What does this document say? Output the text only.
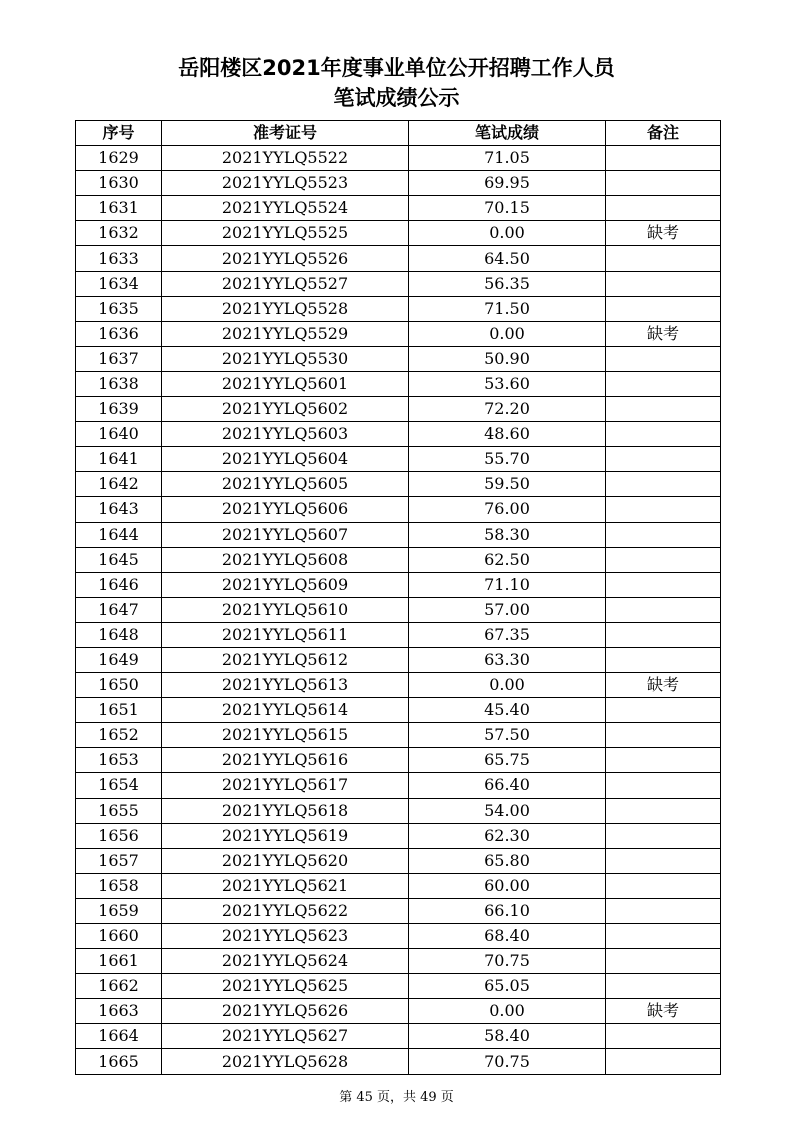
岳阳楼区2021年度事业单位公开招聘工作人员
笔试成绩公示
序号	准考证号	笔试成绩	备注
1629	2021YYLQ5522	71.05	
1630	2021YYLQ5523	69.95	
1631	2021YYLQ5524	70.15	
1632	2021YYLQ5525	0.00	缺考
1633	2021YYLQ5526	64.50	
1634	2021YYLQ5527	56.35	
1635	2021YYLQ5528	71.50	
1636	2021YYLQ5529	0.00	缺考
1637	2021YYLQ5530	50.90	
1638	2021YYLQ5601	53.60	
1639	2021YYLQ5602	72.20	
1640	2021YYLQ5603	48.60	
1641	2021YYLQ5604	55.70	
1642	2021YYLQ5605	59.50	
1643	2021YYLQ5606	76.00	
1644	2021YYLQ5607	58.30	
1645	2021YYLQ5608	62.50	
1646	2021YYLQ5609	71.10	
1647	2021YYLQ5610	57.00	
1648	2021YYLQ5611	67.35	
1649	2021YYLQ5612	63.30	
1650	2021YYLQ5613	0.00	缺考
1651	2021YYLQ5614	45.40	
1652	2021YYLQ5615	57.50	
1653	2021YYLQ5616	65.75	
1654	2021YYLQ5617	66.40	
1655	2021YYLQ5618	54.00	
1656	2021YYLQ5619	62.30	
1657	2021YYLQ5620	65.80	
1658	2021YYLQ5621	60.00	
1659	2021YYLQ5622	66.10	
1660	2021YYLQ5623	68.40	
1661	2021YYLQ5624	70.75	
1662	2021YYLQ5625	65.05	
1663	2021YYLQ5626	0.00	缺考
1664	2021YYLQ5627	58.40	
1665	2021YYLQ5628	70.75	
第 45 页，共 49 页
